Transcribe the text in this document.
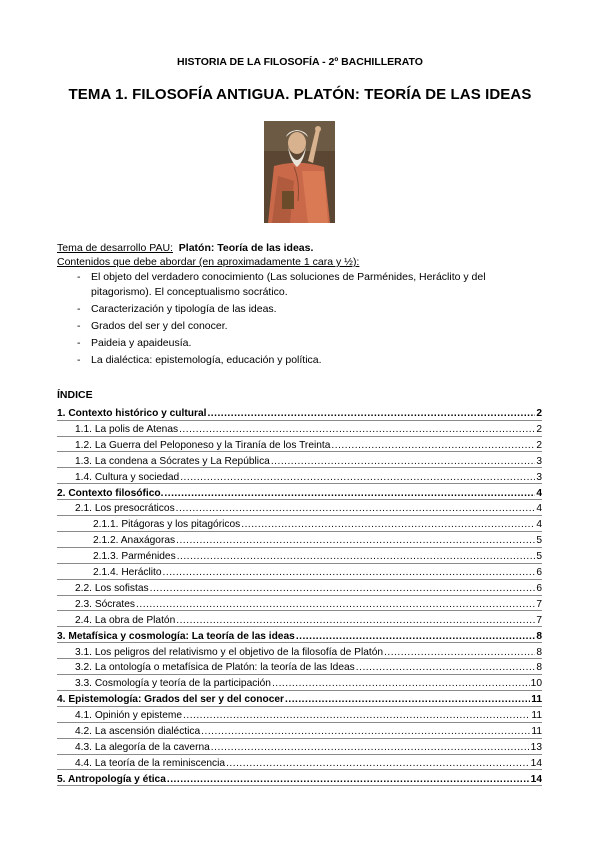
HISTORIA DE LA FILOSOFÍA - 2º BACHILLERATO
TEMA 1. FILOSOFÍA ANTIGUA. PLATÓN: TEORÍA DE LAS IDEAS
Tema de desarrollo PAU: Platón: Teoría de las ideas.
Contenidos que debe abordar (en aproximadamente 1 cara y ½):
- El objeto del verdadero conocimiento (Las soluciones de Parménides, Heráclito y del pitagorismo). El conceptualismo socrático.
- Caracterización y tipología de las ideas.
- Grados del ser y del conocer.
- Paideia y apaideusía.
- La dialéctica: epistemología, educación y política.
ÍNDICE
1. Contexto histórico y cultural .....	2
1.1. La polis de Atenas .....	2
1.2. La Guerra del Peloponeso y la Tiranía de los Treinta .....	2
1.3. La condena a Sócrates y La República .....	3
1.4. Cultura y sociedad .....	3
2. Contexto filosófico. .....	4
2.1. Los presocráticos .....	4
2.1.1. Pitágoras y los pitagóricos .....	4
2.1.2. Anaxágoras .....	5
2.1.3. Parménides .....	5
2.1.4. Heráclito .....	6
2.2. Los sofistas .....	6
2.3. Sócrates .....	7
2.4. La obra de Platón .....	7
3. Metafísica y cosmología: La teoría de las ideas .....	8
3.1. Los peligros del relativismo y el objetivo de la filosofía de Platón .....	8
3.2. La ontología o metafísica de Platón: la teoría de las Ideas .....	8
3.3. Cosmología y teoría de la participación .....	10
4. Epistemología: Grados del ser y del conocer .....	11
4.1. Opinión y episteme .....	11
4.2. La ascensión dialéctica .....	11
4.3. La alegoría de la caverna .....	13
4.4. La teoría de la reminiscencia .....	14
5. Antropología y ética .....	14
